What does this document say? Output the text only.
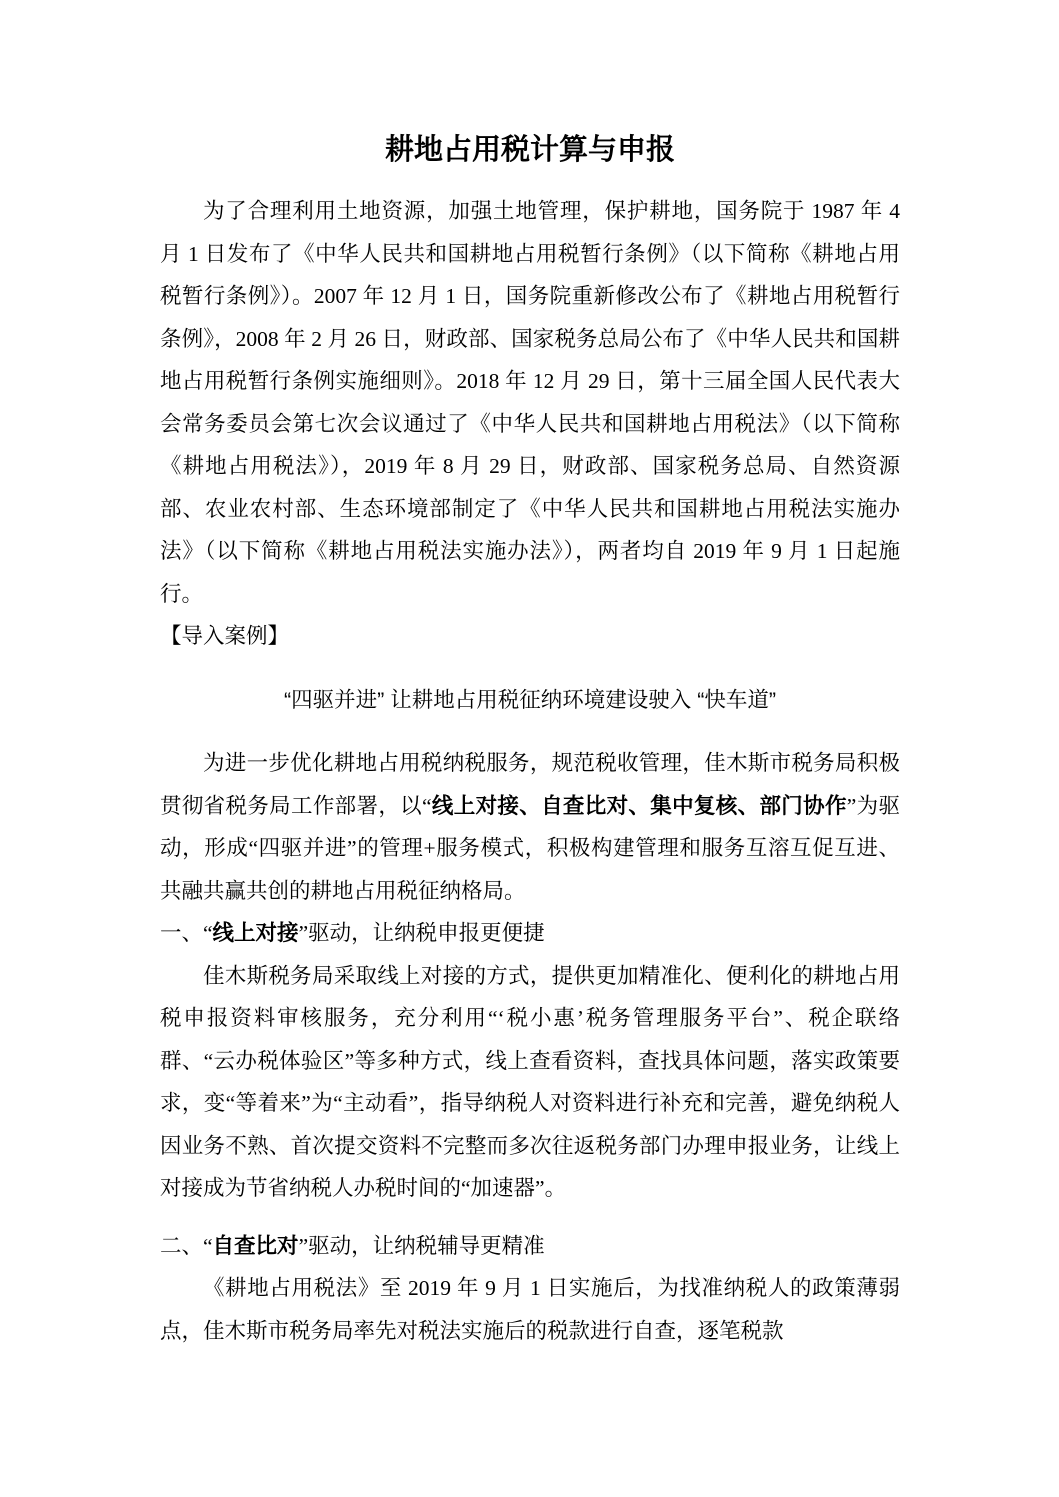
耕地占用税计算与申报

为了合理利用土地资源，加强土地管理，保护耕地，国务院于 1987 年 4 月 1 日发布了《中华人民共和国耕地占用税暂行条例》（以下简称《耕地占用税暂行条例》）。2007 年 12 月 1 日，国务院重新修改公布了《耕地占用税暂行条例》，2008 年 2 月 26 日，财政部、国家税务总局公布了《中华人民共和国耕地占用税暂行条例实施细则》。2018 年 12 月 29 日，第十三届全国人民代表大会常务委员会第七次会议通过了《中华人民共和国耕地占用税法》（以下简称《耕地占用税法》），2019 年 8 月 29 日，财政部、国家税务总局、自然资源部、农业农村部、生态环境部制定了《中华人民共和国耕地占用税法实施办法》（以下简称《耕地占用税法实施办法》），两者均自 2019 年 9 月 1 日起施行。

【导入案例】

“四驱并进” 让耕地占用税征纳环境建设驶入 “快车道”

为进一步优化耕地占用税纳税服务，规范税收管理，佳木斯市税务局积极贯彻省税务局工作部署，以“线上对接、自查比对、集中复核、部门协作”为驱动，形成“四驱并进”的管理+服务模式，积极构建管理和服务互溶互促互进、共融共赢共创的耕地占用税征纳格局。

一、“线上对接”驱动，让纳税申报更便捷

佳木斯税务局采取线上对接的方式，提供更加精准化、便利化的耕地占用税申报资料审核服务，充分利用“‘税小惠’税务管理服务平台”、税企联络群、“云办税体验区”等多种方式，线上查看资料，查找具体问题，落实政策要求，变“等着来”为“主动看”，指导纳税人对资料进行补充和完善，避免纳税人因业务不熟、首次提交资料不完整而多次往返税务部门办理申报业务，让线上对接成为节省纳税人办税时间的“加速器”。

二、“自查比对”驱动，让纳税辅导更精准

《耕地占用税法》至 2019 年 9 月 1 日实施后，为找准纳税人的政策薄弱点，佳木斯市税务局率先对税法实施后的税款进行自查，逐笔税款
